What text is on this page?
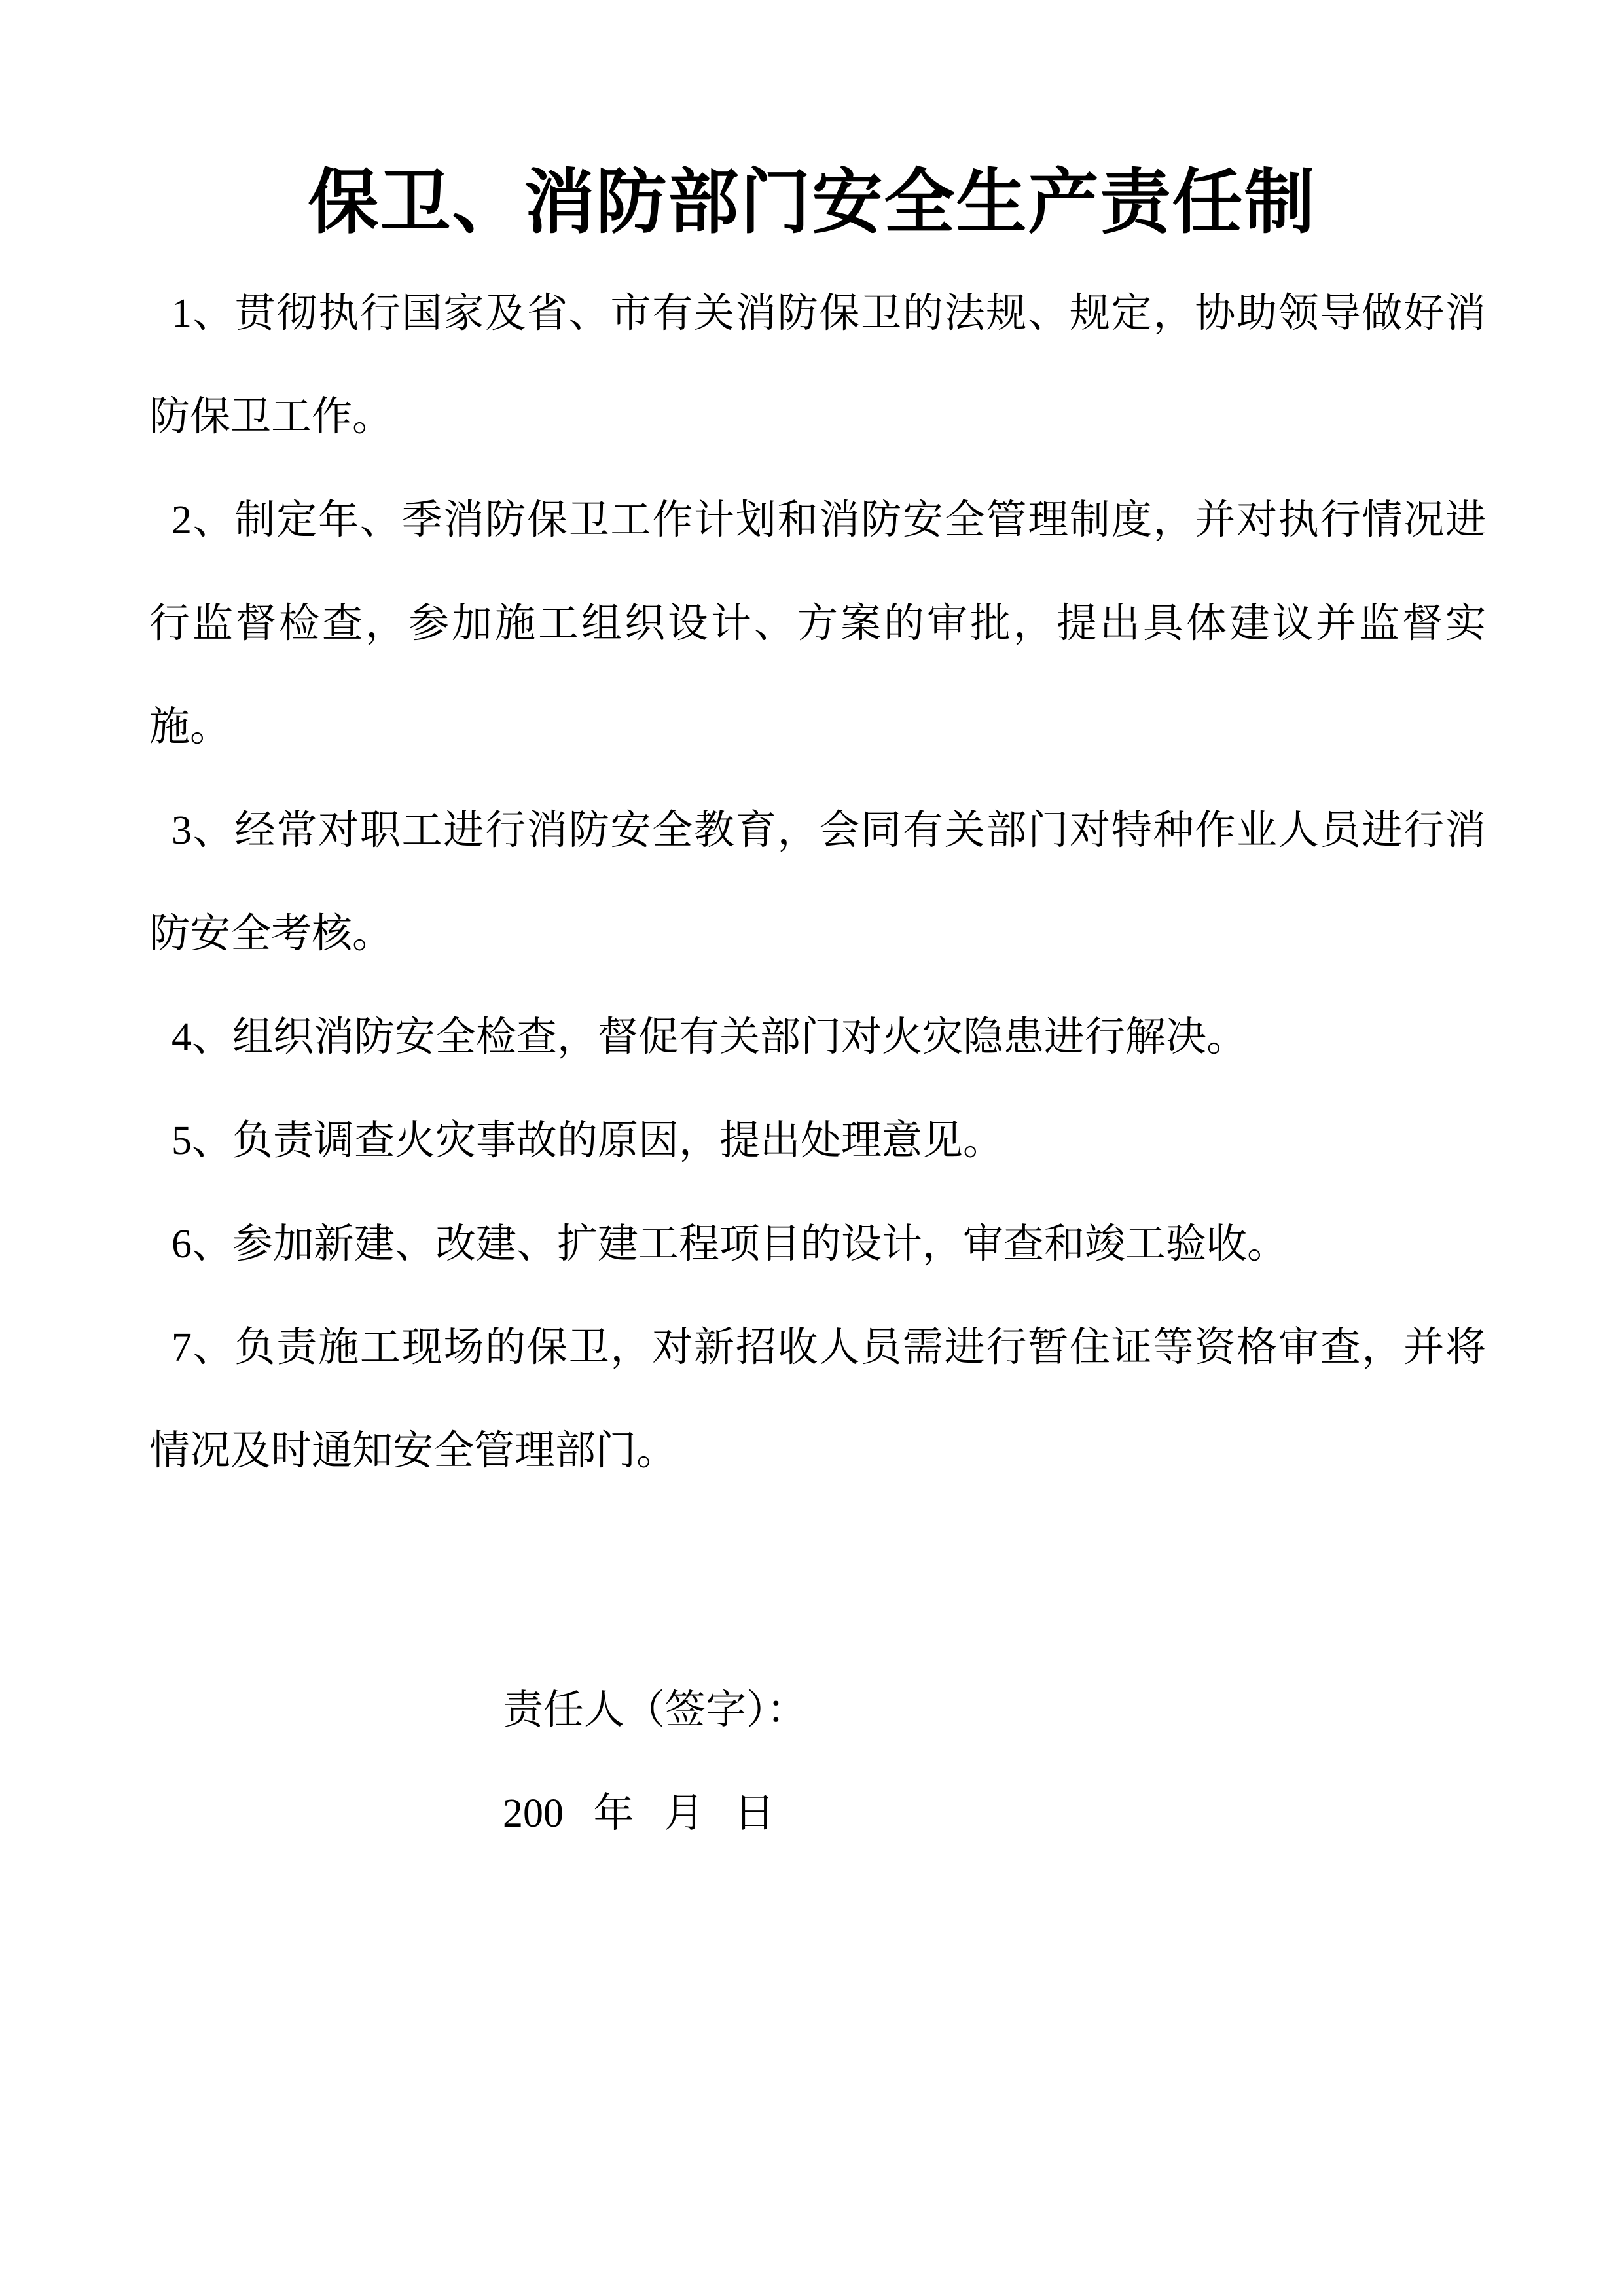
保卫、消防部门安全生产责任制

1、贯彻执行国家及省、市有关消防保卫的法规、规定，协助领导做好消防保卫工作。

2、制定年、季消防保卫工作计划和消防安全管理制度，并对执行情况进行监督检查，参加施工组织设计、方案的审批，提出具体建议并监督实施。

3、经常对职工进行消防安全教育，会同有关部门对特种作业人员进行消防安全考核。

4、组织消防安全检查，督促有关部门对火灾隐患进行解决。

5、负责调查火灾事故的原因，提出处理意见。

6、参加新建、改建、扩建工程项目的设计，审查和竣工验收。

7、负责施工现场的保卫，对新招收人员需进行暂住证等资格审查，并将情况及时通知安全管理部门。

责任人（签字）：
200 年 月 日
